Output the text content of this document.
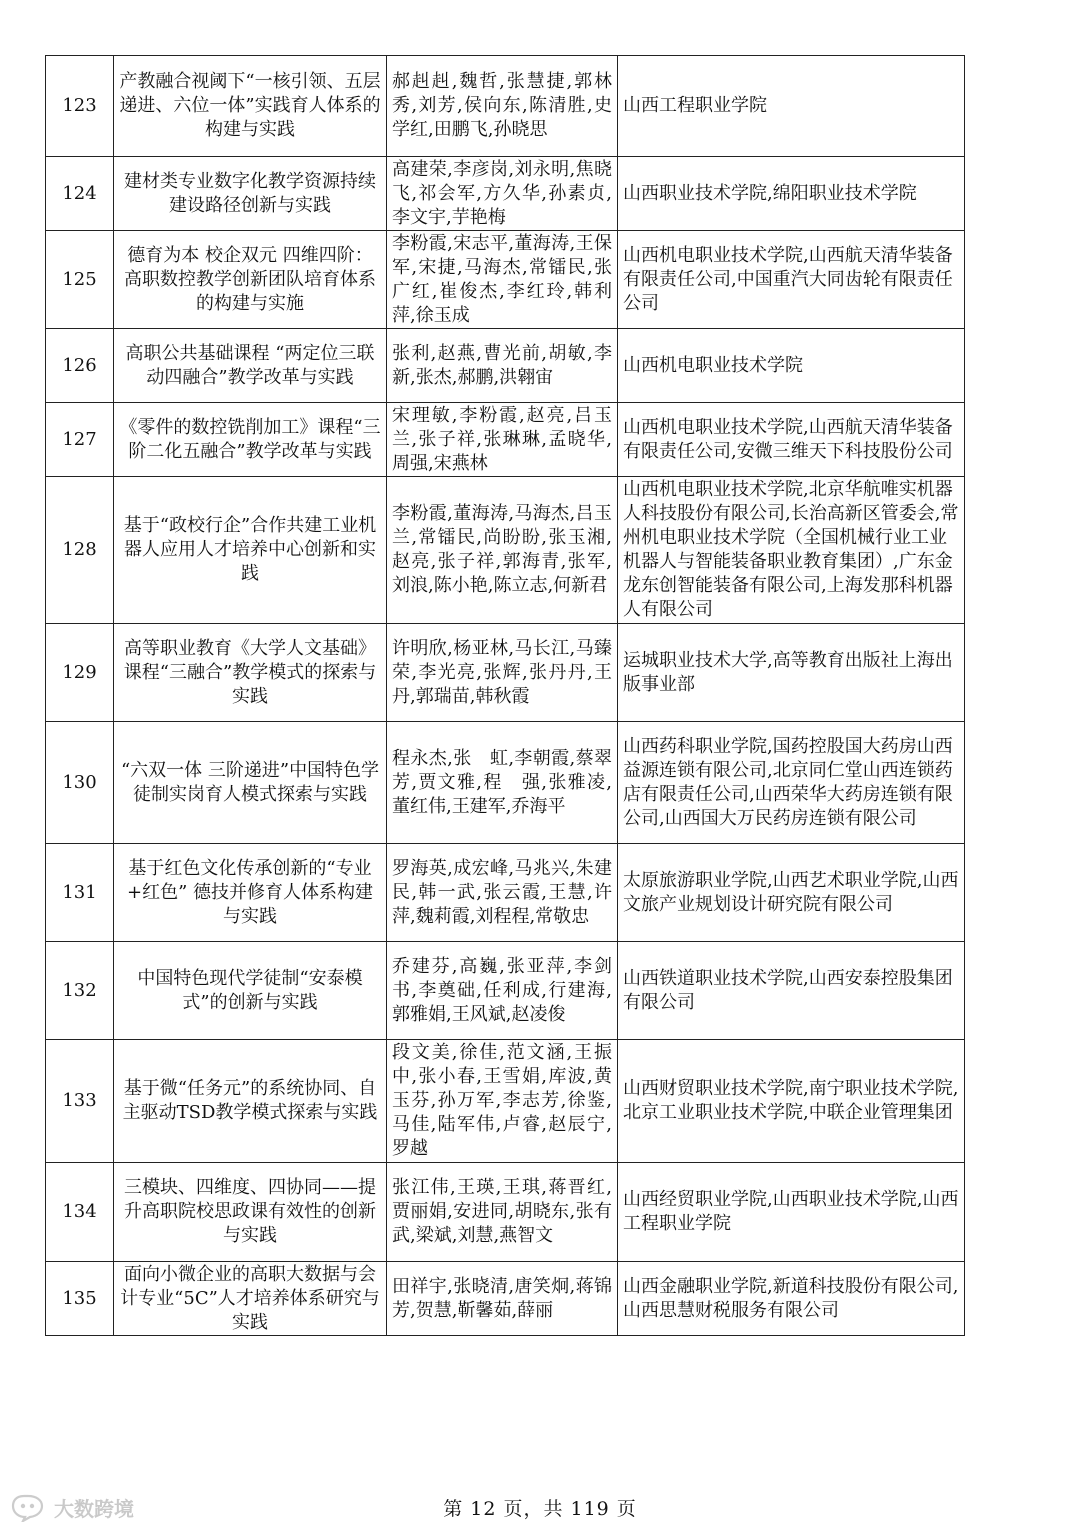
123	产教融合视阈下“一核引领、五层递进、六位一体”实践育人体系的构建与实践	郝赳赳,魏哲,张慧捷,郭林秀,刘芳,侯向东,陈清胜,史学红,田鹏飞,孙晓思	山西工程职业学院
124	建材类专业数字化教学资源持续建设路径创新与实践	高建荣,李彦岗,刘永明,焦晓飞,祁会军,方久华,孙素贞,李文宇,芋艳梅	山西职业技术学院,绵阳职业技术学院
125	德育为本 校企双元 四维四阶：高职数控教学创新团队培育体系的构建与实施	李粉霞,宋志平,董海涛,王保军,宋捷,马海杰,常镭民,张广红,崔俊杰,李红玲,韩利萍,徐玉成	山西机电职业技术学院,山西航天清华装备有限责任公司,中国重汽大同齿轮有限责任公司
126	高职公共基础课程 “两定位三联动四融合”教学改革与实践	张利,赵燕,曹光前,胡敏,李新,张杰,郝鹏,洪翱宙	山西机电职业技术学院
127	《零件的数控铣削加工》课程“三阶二化五融合”教学改革与实践	宋理敏,李粉霞,赵亮,吕玉兰,张子祥,张琳琳,孟晓华,周强,宋燕林	山西机电职业技术学院,山西航天清华装备有限责任公司,安微三维天下科技股份公司
128	基于“政校行企”合作共建工业机器人应用人才培养中心创新和实践	李粉霞,董海涛,马海杰,吕玉兰,常镭民,尚盼盼,张玉湘,赵亮,张子祥,郭海青,张军,刘浪,陈小艳,陈立志,何新君	山西机电职业技术学院,北京华航唯实机器人科技股份有限公司,长治高新区管委会,常州机电职业技术学院（全国机械行业工业机器人与智能装备职业教育集团）,广东金龙东创智能装备有限公司,上海发那科机器人有限公司
129	高等职业教育《大学人文基础》课程“三融合”教学模式的探索与实践	许明欣,杨亚林,马长江,马臻荣,李光亮,张辉,张丹丹,王丹,郭瑞苗,韩秋霞	运城职业技术大学,高等教育出版社上海出版事业部
130	“六双一体 三阶递进”中国特色学徒制实岗育人模式探索与实践	程永杰,张　虹,李朝霞,蔡翠芳,贾文雅,程　强,张雅凌,董红伟,王建军,乔海平	山西药科职业学院,国药控股国大药房山西益源连锁有限公司,北京同仁堂山西连锁药店有限责任公司,山西荣华大药房连锁有限公司,山西国大万民药房连锁有限公司
131	基于红色文化传承创新的“专业+红色” 德技并修育人体系构建与实践	罗海英,成宏峰,马兆兴,朱建民,韩一武,张云霞,王慧,许萍,魏莉霞,刘程程,常敬忠	太原旅游职业学院,山西艺术职业学院,山西文旅产业规划设计研究院有限公司
132	中国特色现代学徒制“安泰模式”的创新与实践	乔建芬,高巍,张亚萍,李剑书,李奠础,任利成,行建海,郭雅娟,王风斌,赵凌俊	山西铁道职业技术学院,山西安泰控股集团有限公司
133	基于微“任务元”的系统协同、自主驱动TSD教学模式探索与实践	段文美,徐佳,范文涵,王振中,张小春,王雪娟,库波,黄玉芬,孙万军,李志芳,徐鉴,马佳,陆军伟,卢睿,赵辰宁,罗越	山西财贸职业技术学院,南宁职业技术学院,北京工业职业技术学院,中联企业管理集团
134	三模块、四维度、四协同——提升高职院校思政课有效性的创新与实践	张江伟,王瑛,王琪,蒋晋红,贾丽娟,安进同,胡晓东,张有武,梁斌,刘慧,燕智文	山西经贸职业学院,山西职业技术学院,山西工程职业学院
135	面向小微企业的高职大数据与会计专业“5C”人才培养体系研究与实践	田祥宇,张晓清,唐笑炯,蒋锦芳,贺慧,靳馨茹,薛丽	山西金融职业学院,新道科技股份有限公司,山西思慧财税服务有限公司
大数跨境	第 12 页，共 119 页
